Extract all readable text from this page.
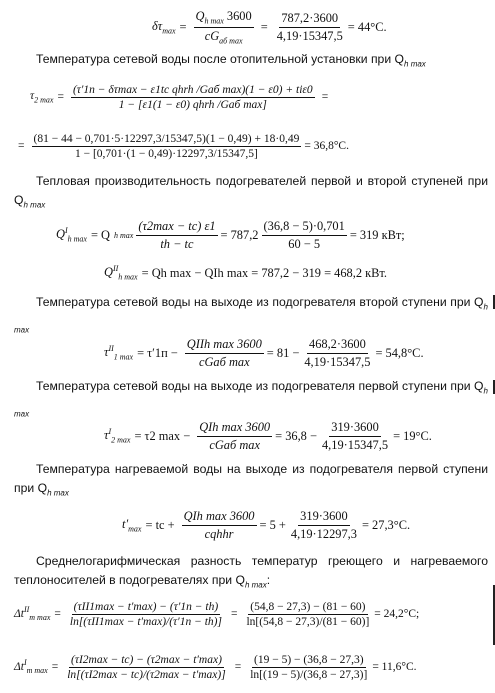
$\delta\tau_{max} = \frac{Q_{h max} 3600}{cG_{аб max}} = \frac{787,2\cdot 3600}{4,19\cdot 15347,5} = 44^\circ C$.
Температура сетевой воды после отопительной установки при $Q_{h max}$
$\tau_{2 max} = \frac{\text{(τ′1п − δτmax − ε1tc qhrh /Gаб max)(1 − ε0) + tiε0}}{\text{1 − [ε1(1 − ε0) qhrh /Gаб max]}}$ =
= $\frac{(81 - 44 - 0,701\cdot 5\cdot 12297,3/15347,5)(1 - 0,49) + 18\cdot 0,49}{1 - [0,701\cdot(1 - 0,49)\cdot 12297,3/15347,5]} = 36,8^\circ C$.
Тепловая производительность подогревателей первой и второй ступеней при $Q_{h max}$
$Q^I_{h max} = Q$ h $\max \frac{(\tau 2\max - tc) \varepsilon 1}{th - tc} = 787,2 \frac{(36,8 - 5)\cdot 0,701}{60 - 5} = 319$ кВт;
$Q^{II}_{h max} = Qh$ max − QIh max = 787,2 − 319 = 468,2 кВт.
Температура сетевой воды на выходе из подогревателя второй ступени при $Q_{h max}$
$\tau^{II}_{1 max} = \tau'1п - \frac{\text{QIIh max 3600}}{\text{cGаб max}} = 81 - \frac{468,2\cdot 3600}{4,19\cdot 15347,5} = 54,8^\circ C$.
Температура сетевой воды на выходе из подогревателя первой ступени при $Q_{h max}$
$\tau^I_{2 max} = \tau 2$ $\max - \frac{\text{QIh max 3600}}{\text{cGаб max}} = 36,8 - \frac{319\cdot 3600}{4,19\cdot 15347,5} = 19^\circ C$.
Температура нагреваемой воды на выходе из подогревателя первой ступени при $Q_{h max}$
$t'_{max}$ = tc + $\frac{\text{QIh max 3600}}{\text{cqhhr}} = 5 + \frac{319\cdot 3600}{4,19\cdot 12297,3} = 27,3^\circ C$.
Среднелогарифмическая разность температур греющего и нагреваемого теплоносителей в подогревателях при $Q_{h max}$:
$\Delta t^{II}_{m max} = \frac{\text{(τII1max − t′max) − (τ′1п − th)}}{\text{ln[(τII1max − t′max)/(τ′1п − th)]}} = \frac{(54,8 - 27,3) - (81 - 60)}{\ln[(54,8 - 27,3)/(81 - 60)]} = 24,2^\circ C$;
$\Delta t^I_{m max} = \frac{(\tau I2\max - tc) - (\tau 2\max - t'\max)}{\ln[(\tau I2\max - tc)/(\tau 2\max - t'\max)]} = \frac{(19 - 5) - (36,8 - 27,3)}{\ln[(19 - 5)/(36,8 - 27,3)]} = 11,6^\circ C$.
